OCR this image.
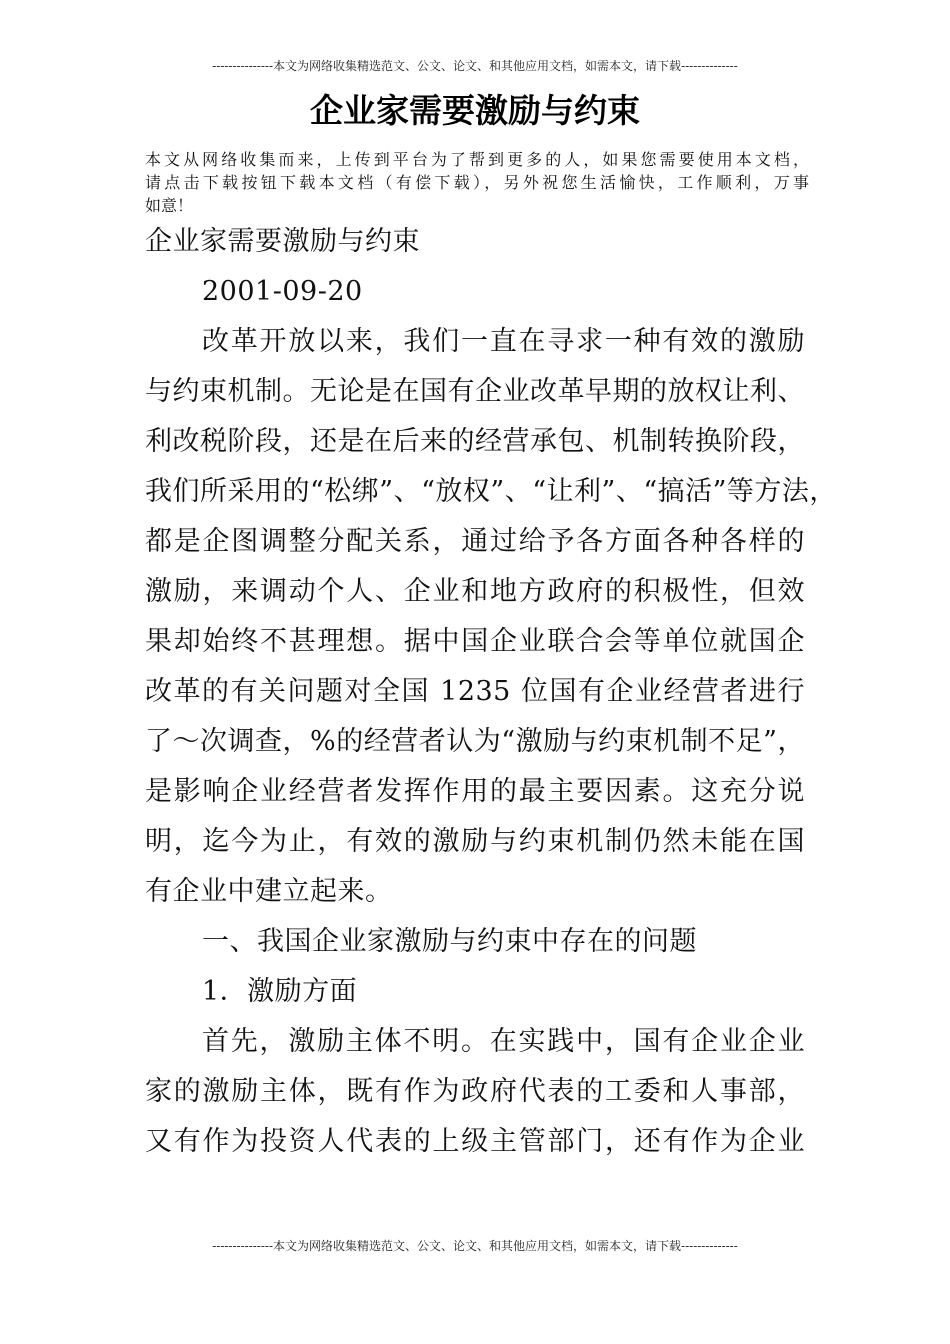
---------------本文为网络收集精选范文、公文、论文、和其他应用文档，如需本文，请下载--------------
企业家需要激励与约束
本文从网络收集而来，上传到平台为了帮到更多的人，如果您需要使用本文档，
请点击下载按钮下载本文档（有偿下载），另外祝您生活愉快，工作顺利，万事
如意！
企业家需要激励与约束
2001-09-20
改革开放以来，我们一直在寻求一种有效的激励
与约束机制。无论是在国有企业改革早期的放权让利、
利改税阶段，还是在后来的经营承包、机制转换阶段，
我们所采用的“松绑”、“放权”、“让利”、“搞活”等方法，
都是企图调整分配关系，通过给予各方面各种各样的
激励，来调动个人、企业和地方政府的积极性，但效
果却始终不甚理想。据中国企业联合会等单位就国企
改革的有关问题对全国 1235 位国有企业经营者进行
了～次调查，%的经营者认为“激励与约束机制不足”，
是影响企业经营者发挥作用的最主要因素。这充分说
明，迄今为止，有效的激励与约束机制仍然未能在国
有企业中建立起来。
一、我国企业家激励与约束中存在的问题
1．激励方面
首先，激励主体不明。在实践中，国有企业企业
家的激励主体，既有作为政府代表的工委和人事部，
又有作为投资人代表的上级主管部门，还有作为企业
---------------本文为网络收集精选范文、公文、论文、和其他应用文档，如需本文，请下载--------------
